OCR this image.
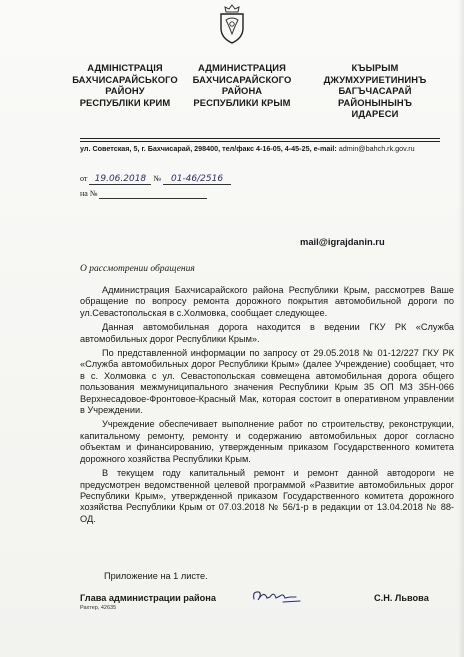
АДМІНІСТРАЦІЯ
БАХЧИСАРАЙСЬКОГО
РАЙОНУ
РЕСПУБЛІКИ КРИМ
АДМИНИСТРАЦИЯ
БАХЧИСАРАЙСКОГО
РАЙОНА
РЕСПУБЛИКИ КРЫМ
КЪЫРЫМ
ДЖУМХУРИЕТИНИНЪ
БАГЪЧАСАРАЙ
РАЙОНЫНЫНЪ
ИДАРЕСИ
ул. Советская, 5, г. Бахчисарай, 298400, тел/факс 4-16-05, 4-45-25, e-mail: admin@bahch.rk.gov.ru
от 19.06.2018 № 01-46/2516
на №
mail@igrajdanin.ru
О рассмотрении обращения

Администрация Бахчисарайского района Республики Крым, рассмотрев Ваше обращение по вопросу ремонта дорожного покрытия автомобильной дороги по ул.Севастопольская в с.Холмовка, сообщает следующее.

Данная автомобильная дорога находится в ведении ГКУ РК «Служба автомобильных дорог Республики Крым».

По представленной информации по запросу от 29.05.2018 № 01-12/227 ГКУ РК «Служба автомобильных дорог Республики Крым» (далее Учреждение) сообщает, что в с. Холмовка с ул. Севастопольская совмещена автомобильная дорога общего пользования межмуниципального значения Республики Крым 35 ОП МЗ 35Н-066 Верхнесадовое-Фронтовое-Красный Мак, которая состоит в оперативном управлении в Учреждении.

Учреждение обеспечивает выполнение работ по строительству, реконструкции, капитальному ремонту, ремонту и содержанию автомобильных дорог согласно объектам и финансированию, утвержденным приказом Государственного комитета дорожного хозяйства Республики Крым.

В текущем году капитальный ремонт и ремонт данной автодороги не предусмотрен ведомственной целевой программой «Развитие автомобильных дорог Республики Крым», утвержденной приказом Государственного комитета дорожного хозяйства Республики Крым от 07.03.2018 № 56/1-р в редакции от 13.04.2018 № 88-ОД.

Приложение на 1 листе.
Глава администрации района	С.Н. Львова
Рахтер, 42635
